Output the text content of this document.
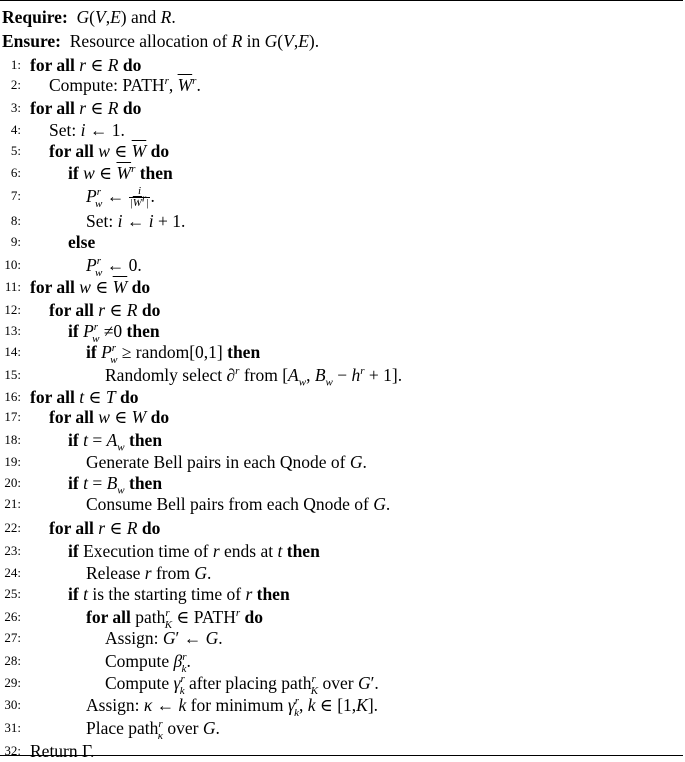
Require: G(V,E) and R.
Ensure:  Resource allocation of R in G(V,E).
1: for all r ∈ R do
2: Compute: PATH$^r$, $\overline{W}^r$.
3: for all r ∈ R do
4: Set: i ← 1.
5: for all w ∈ $\overline{W}$ do
6:	if w ∈ $\overline{W}^r$ then
7:	$P^r_w$ ← $\frac{i}{|\overline{W}^r|}$ .
8:	Set: i ← i + 1.
9:	else
10:	$P^r_w$ ← 0.
11: for all w ∈ $\overline{W}$ do
12: for all r ∈ R do
13:	if $P^r_w \ne 0$ then
14:	if $P^r_w$ ≥ random[0,1] then
15:	Randomly select ∂$^r$ from [$A_w$, $B_w - h^r + 1$].
16: for all t ∈ T do
17: for all w ∈ W do
18:	if $t = A_w$ then
19:	Generate Bell pairs in each Qnode of G.
20:	if $t = B_w$ then
21:	Consume Bell pairs from each Qnode of G.
22: for all r ∈ R do
23:	if Execution time of r ends at t then
24:	Release r from G.
25:	if t is the starting time of r then
26:	for all path$^r_K$ ∈ PATH$^r$ do
27:	Assign: G′ ← G.
28:	Compute $\beta^r_k$.
29:	Compute $\gamma^r_k$ after placing path$^r_K$ over G′.
30:	Assign: κ ← k for minimum $\gamma^r_k$, k ∈ [1,K].
31:	Place path$^r_\kappa$ over G.
32: Return Γ.
